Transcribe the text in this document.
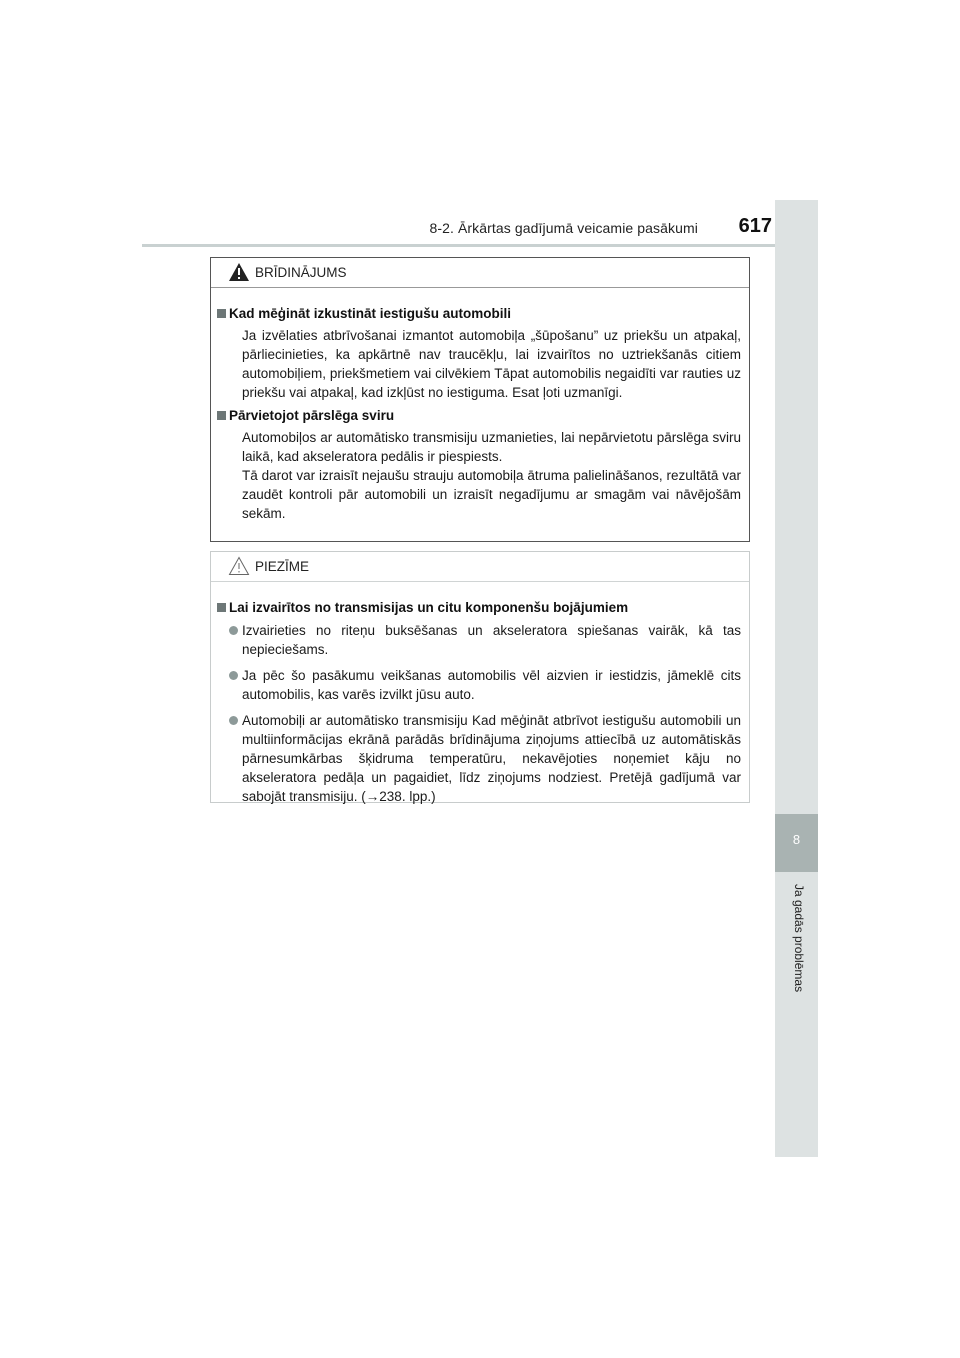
8-2. Ārkārtas gadījumā veicamie pasākumi 617
8
Ja gadās problēmas
BRĪDINĀJUMS
Kad mēģināt izkustināt iestigušu automobili
Ja izvēlaties atbrīvošanai izmantot automobiļa „šūpošanu” uz priekšu un atpakaļ, pārliecinieties, ka apkārtnē nav traucēkļu, lai izvairītos no uztriekšanās citiem automobiļiem, priekšmetiem vai cilvēkiem Tāpat automobilis negaidīti var rauties uz priekšu vai atpakaļ, kad izkļūst no iestiguma. Esat ļoti uzmanīgi.
Pārvietojot pārslēga sviru
Automobiļos ar automātisko transmisiju uzmanieties, lai nepārvietotu pārslēga sviru laikā, kad akseleratora pedālis ir piespiests.
Tā darot var izraisīt nejaušu strauju automobiļa ātruma palielināšanos, rezultātā var zaudēt kontroli pār automobili un izraisīt negadījumu ar smagām vai nāvējošām sekām.
PIEZĪME
Lai izvairītos no transmisijas un citu komponenšu bojājumiem
Izvairieties no riteņu buksēšanas un akseleratora spiešanas vairāk, kā tas nepieciešams.
Ja pēc šo pasākumu veikšanas automobilis vēl aizvien ir iestidzis, jāmeklē cits automobilis, kas varēs izvilkt jūsu auto.
Automobiļi ar automātisko transmisiju Kad mēģināt atbrīvot iestigušu automobili un multiinformācijas ekrānā parādās brīdinājuma ziņojums attiecībā uz automātiskās pārnesumkārbas šķidruma temperatūru, nekavējoties noņemiet kāju no akseleratora pedāļa un pagaidiet, līdz ziņojums nodziest. Pretējā gadījumā var sabojāt transmisiju. (→238. lpp.)
